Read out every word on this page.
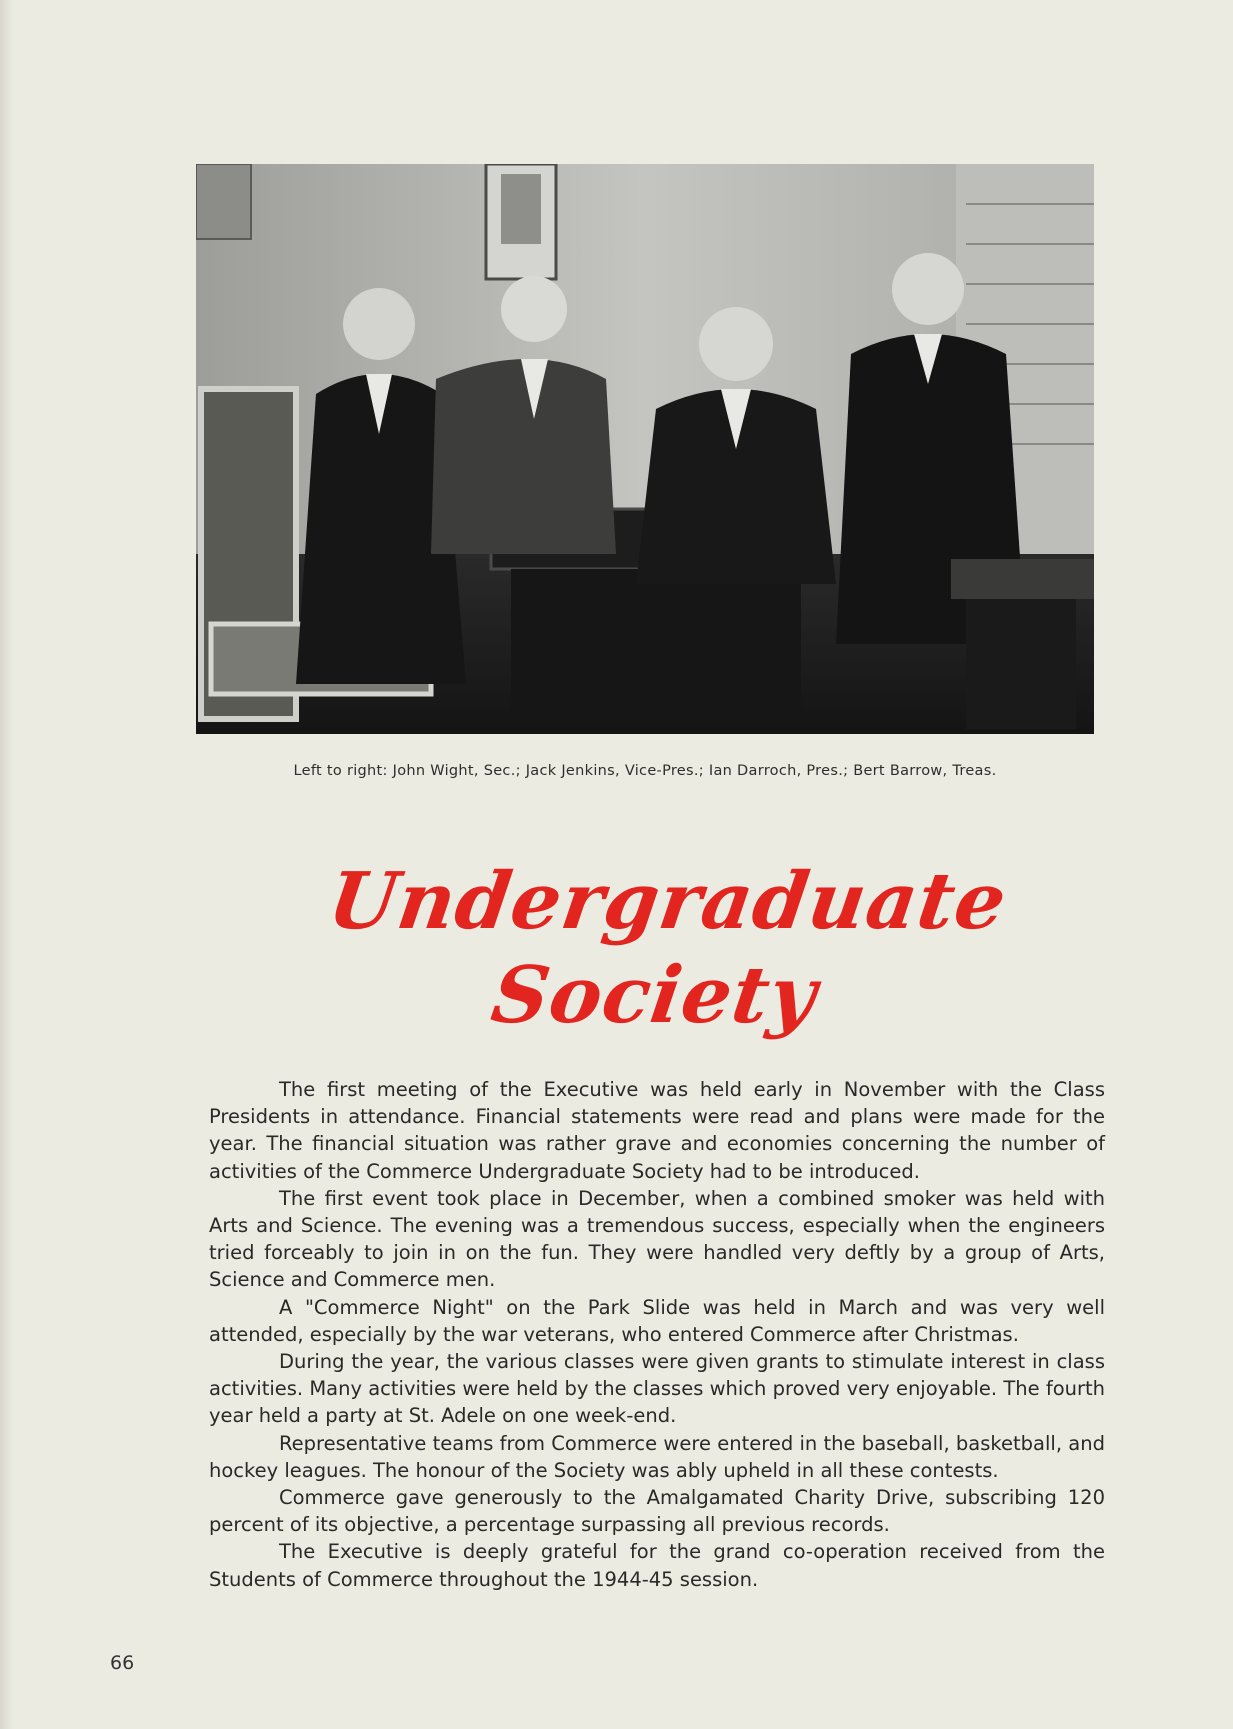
Left to right: John Wight, Sec.; Jack Jenkins, Vice-Pres.; Ian Darroch, Pres.; Bert Barrow, Treas.
Undergraduate Society

The first meeting of the Executive was held early in November with the Class Presidents in attendance. Financial statements were read and plans were made for the year. The financial situation was rather grave and economies concerning the number of activities of the Commerce Undergraduate Society had to be introduced.

The first event took place in December, when a combined smoker was held with Arts and Science. The evening was a tremendous success, especially when the engineers tried forceably to join in on the fun. They were handled very deftly by a group of Arts, Science and Commerce men.

A "Commerce Night" on the Park Slide was held in March and was very well attended, especially by the war veterans, who entered Commerce after Christmas.

During the year, the various classes were given grants to stimulate interest in class activities. Many activities were held by the classes which proved very enjoyable. The fourth year held a party at St. Adele on one week-end.

Representative teams from Commerce were entered in the baseball, basketball, and hockey leagues. The honour of the Society was ably upheld in all these contests.

Commerce gave generously to the Amalgamated Charity Drive, subscribing 120 percent of its objective, a percentage surpassing all previous records.

The Executive is deeply grateful for the grand co-operation received from the Students of Commerce throughout the 1944-45 session.

66
